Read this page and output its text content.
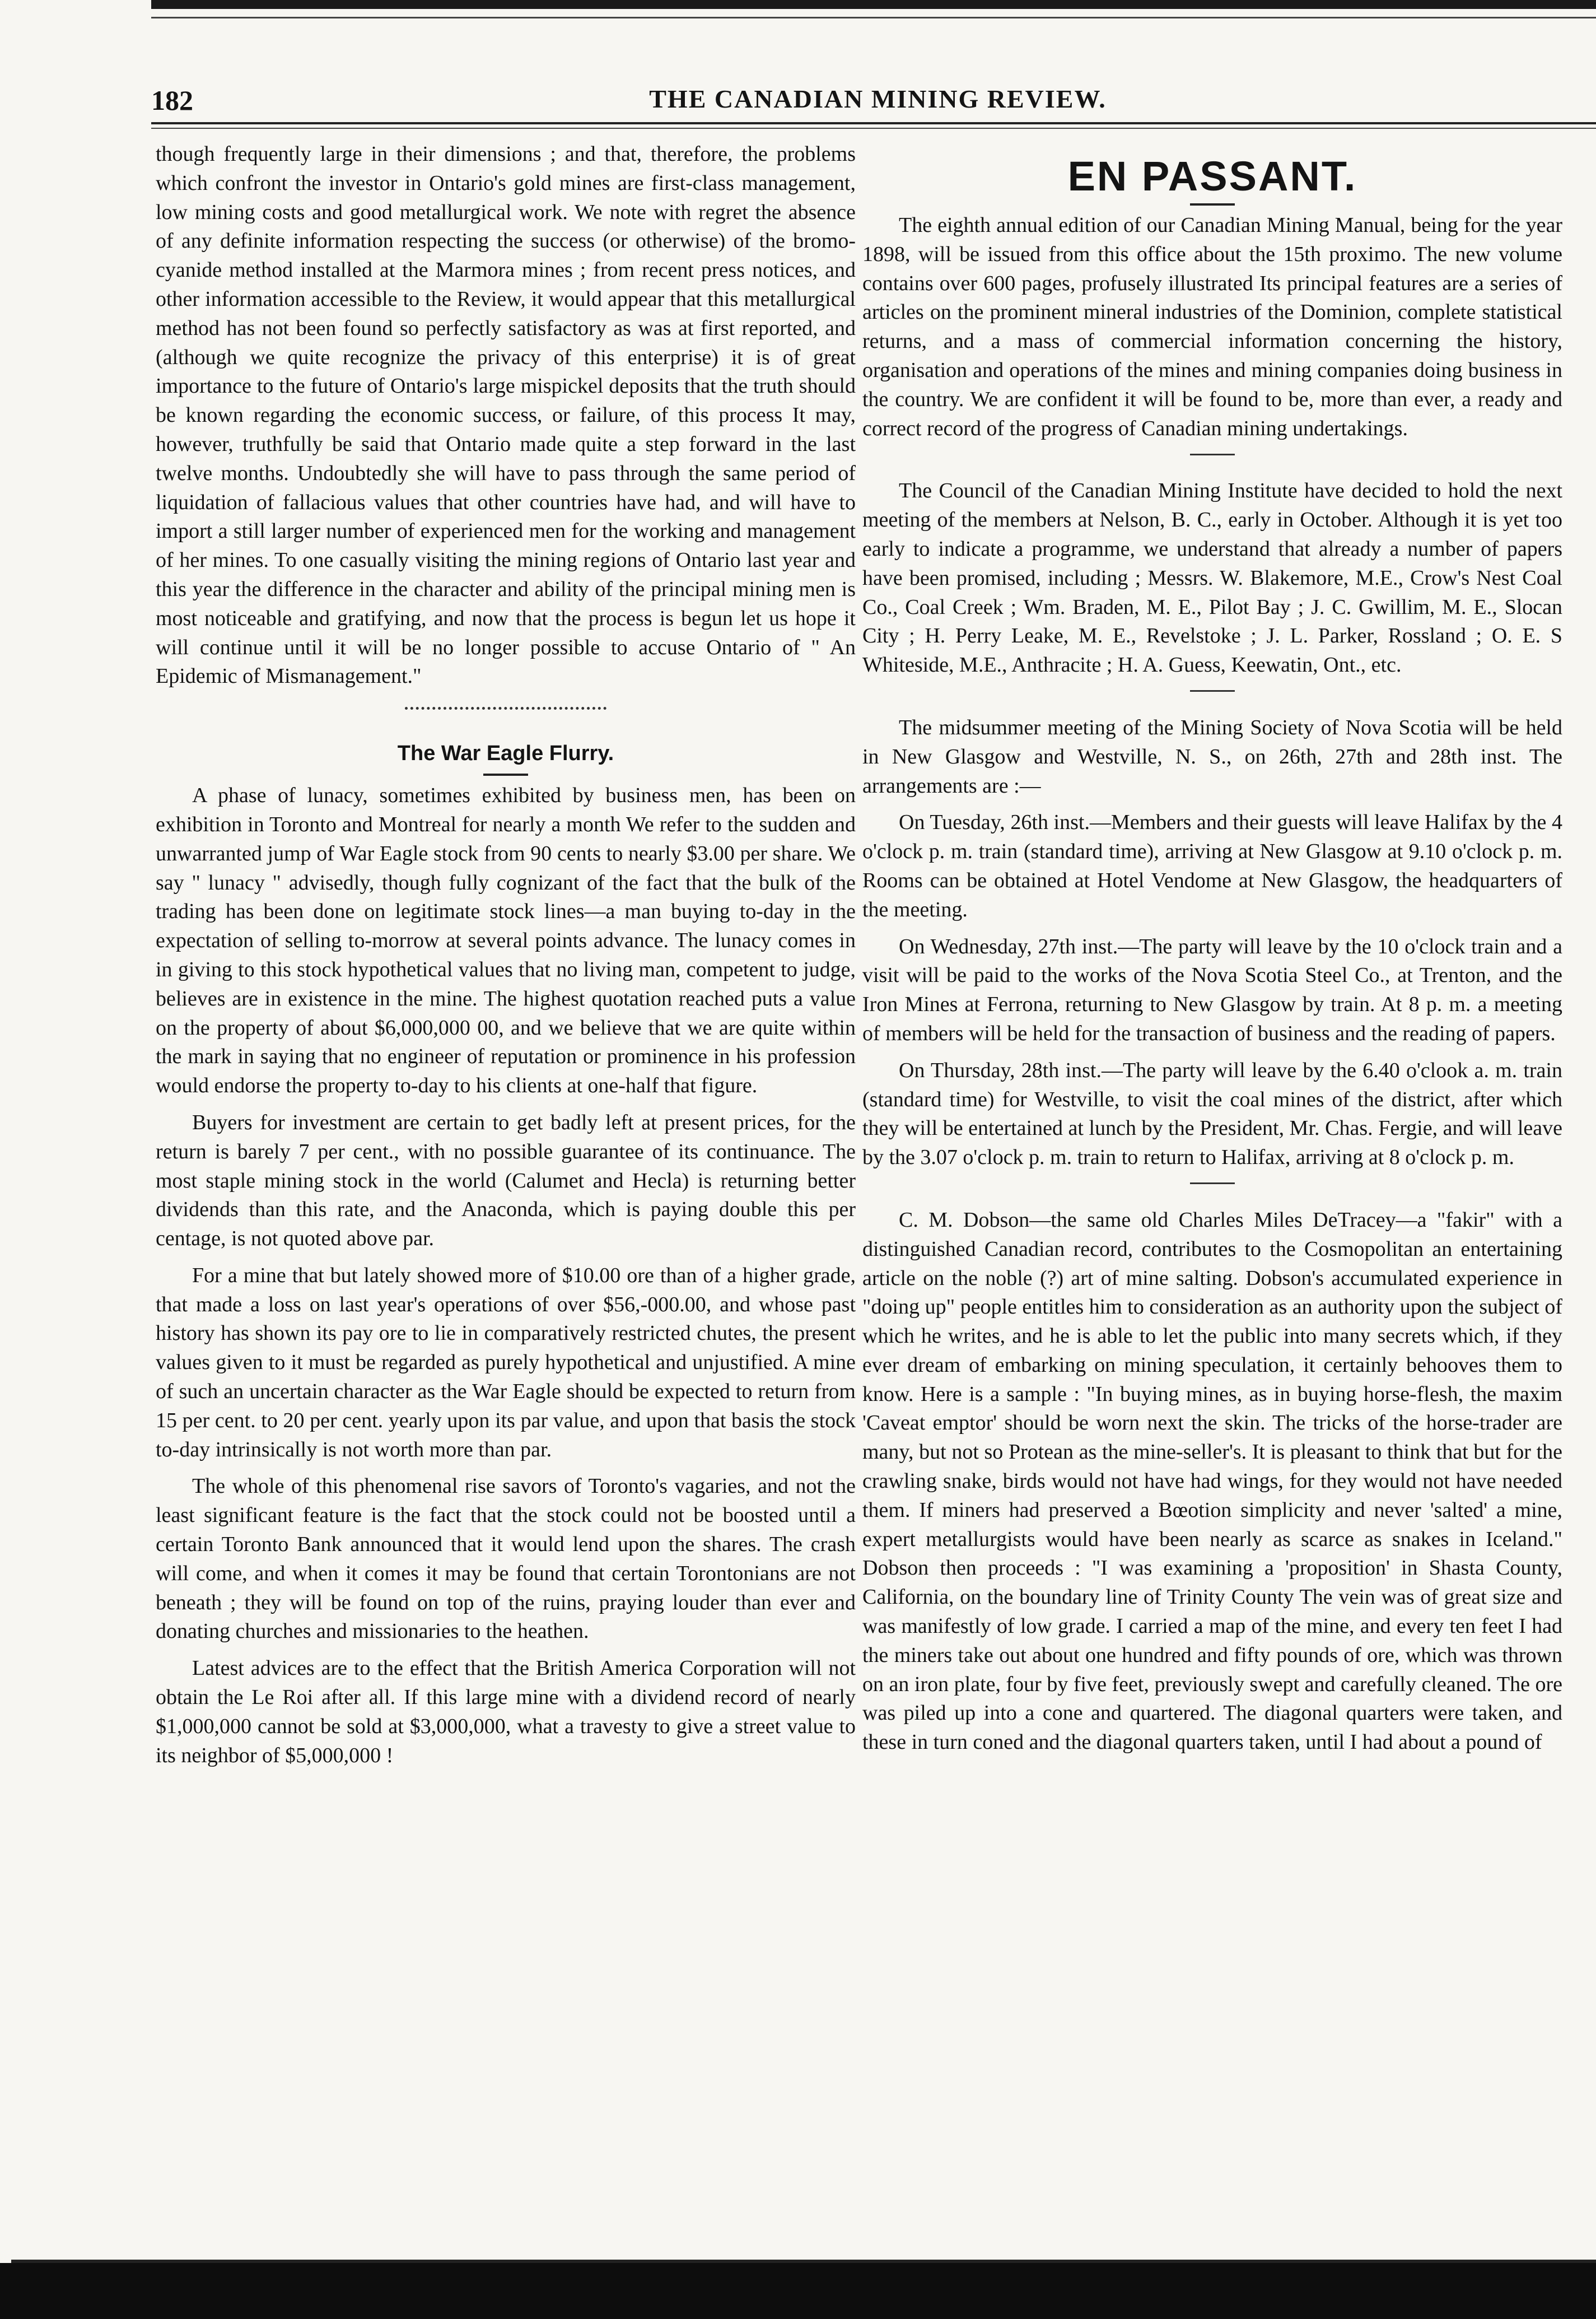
182	THE CANADIAN MINING REVIEW.

though frequently large in their dimensions ; and that, therefore, the problems which confront the investor in Ontario's gold mines are first-class management, low mining costs and good metallurgical work. We note with regret the absence of any definite information respecting the success (or otherwise) of the bromo-cyanide method installed at the Marmora mines ; from recent press notices, and other information accessible to the Review, it would appear that this metallurgical method has not been found so perfectly satisfactory as was at first reported, and (although we quite recognize the privacy of this enterprise) it is of great importance to the future of Ontario's large mispickel deposits that the truth should be known regarding the economic success, or failure, of this process It may, however, truthfully be said that Ontario made quite a step forward in the last twelve months. Undoubtedly she will have to pass through the same period of liquidation of fallacious values that other countries have had, and will have to import a still larger number of experienced men for the working and management of her mines. To one casually visiting the mining regions of Ontario last year and this year the difference in the character and ability of the principal mining men is most noticeable and gratifying, and now that the process is begun let us hope it will continue until it will be no longer possible to accuse Ontario of " An Epidemic of Mismanagement."

The War Eagle Flurry.

A phase of lunacy, sometimes exhibited by business men, has been on exhibition in Toronto and Montreal for nearly a month We refer to the sudden and unwarranted jump of War Eagle stock from 90 cents to nearly $3.00 per share. We say " lunacy " advisedly, though fully cognizant of the fact that the bulk of the trading has been done on legitimate stock lines—a man buying to-day in the expectation of selling to-morrow at several points advance. The lunacy comes in in giving to this stock hypothetical values that no living man, competent to judge, believes are in existence in the mine. The highest quotation reached puts a value on the property of about $6,000,000 00, and we believe that we are quite within the mark in saying that no engineer of reputation or prominence in his profession would endorse the property to-day to his clients at one-half that figure.

Buyers for investment are certain to get badly left at present prices, for the return is barely 7 per cent., with no possible guarantee of its continuance. The most staple mining stock in the world (Calumet and Hecla) is returning better dividends than this rate, and the Anaconda, which is paying double this per centage, is not quoted above par.

For a mine that but lately showed more of $10.00 ore than of a higher grade, that made a loss on last year's operations of over $56,-000.00, and whose past history has shown its pay ore to lie in comparatively restricted chutes, the present values given to it must be regarded as purely hypothetical and unjustified. A mine of such an uncertain character as the War Eagle should be expected to return from 15 per cent. to 20 per cent. yearly upon its par value, and upon that basis the stock to-day intrinsically is not worth more than par.

The whole of this phenomenal rise savors of Toronto's vagaries, and not the least significant feature is the fact that the stock could not be boosted until a certain Toronto Bank announced that it would lend upon the shares. The crash will come, and when it comes it may be found that certain Torontonians are not beneath ; they will be found on top of the ruins, praying louder than ever and donating churches and missionaries to the heathen.

Latest advices are to the effect that the British America Corporation will not obtain the Le Roi after all. If this large mine with a dividend record of nearly $1,000,000 cannot be sold at $3,000,000, what a travesty to give a street value to its neighbor of $5,000,000 !

EN PASSANT.

The eighth annual edition of our Canadian Mining Manual, being for the year 1898, will be issued from this office about the 15th proximo. The new volume contains over 600 pages, profusely illustrated Its principal features are a series of articles on the prominent mineral industries of the Dominion, complete statistical returns, and a mass of commercial information concerning the history, organisation and operations of the mines and mining companies doing business in the country. We are confident it will be found to be, more than ever, a ready and correct record of the progress of Canadian mining undertakings.

The Council of the Canadian Mining Institute have decided to hold the next meeting of the members at Nelson, B. C., early in October. Although it is yet too early to indicate a programme, we understand that already a number of papers have been promised, including ; Messrs. W. Blakemore, M.E., Crow's Nest Coal Co., Coal Creek ; Wm. Braden, M. E., Pilot Bay ; J. C. Gwillim, M. E., Slocan City ; H. Perry Leake, M. E., Revelstoke ; J. L. Parker, Rossland ; O. E. S Whiteside, M.E., Anthracite ; H. A. Guess, Keewatin, Ont., etc.

The midsummer meeting of the Mining Society of Nova Scotia will be held in New Glasgow and Westville, N. S., on 26th, 27th and 28th inst. The arrangements are :—

On Tuesday, 26th inst.—Members and their guests will leave Halifax by the 4 o'clock p. m. train (standard time), arriving at New Glasgow at 9.10 o'clock p. m. Rooms can be obtained at Hotel Vendome at New Glasgow, the headquarters of the meeting.

On Wednesday, 27th inst.—The party will leave by the 10 o'clock train and a visit will be paid to the works of the Nova Scotia Steel Co., at Trenton, and the Iron Mines at Ferrona, returning to New Glasgow by train. At 8 p. m. a meeting of members will be held for the transaction of business and the reading of papers.

On Thursday, 28th inst.—The party will leave by the 6.40 o'clook a. m. train (standard time) for Westville, to visit the coal mines of the district, after which they will be entertained at lunch by the President, Mr. Chas. Fergie, and will leave by the 3.07 o'clock p. m. train to return to Halifax, arriving at 8 o'clock p. m.

C. M. Dobson—the same old Charles Miles DeTracey—a "fakir" with a distinguished Canadian record, contributes to the Cosmopolitan an entertaining article on the noble (?) art of mine salting. Dobson's accumulated experience in "doing up" people entitles him to consideration as an authority upon the subject of which he writes, and he is able to let the public into many secrets which, if they ever dream of embarking on mining speculation, it certainly behooves them to know. Here is a sample : "In buying mines, as in buying horse-flesh, the maxim 'Caveat emptor' should be worn next the skin. The tricks of the horse-trader are many, but not so Protean as the mine-seller's. It is pleasant to think that but for the crawling snake, birds would not have had wings, for they would not have needed them. If miners had preserved a Bœotion simplicity and never 'salted' a mine, expert metallurgists would have been nearly as scarce as snakes in Iceland." Dobson then proceeds : "I was examining a 'proposition' in Shasta County, California, on the boundary line of Trinity County The vein was of great size and was manifestly of low grade. I carried a map of the mine, and every ten feet I had the miners take out about one hundred and fifty pounds of ore, which was thrown on an iron plate, four by five feet, previously swept and carefully cleaned. The ore was piled up into a cone and quartered. The diagonal quarters were taken, and these in turn coned and the diagonal quarters taken, until I had about a pound of
